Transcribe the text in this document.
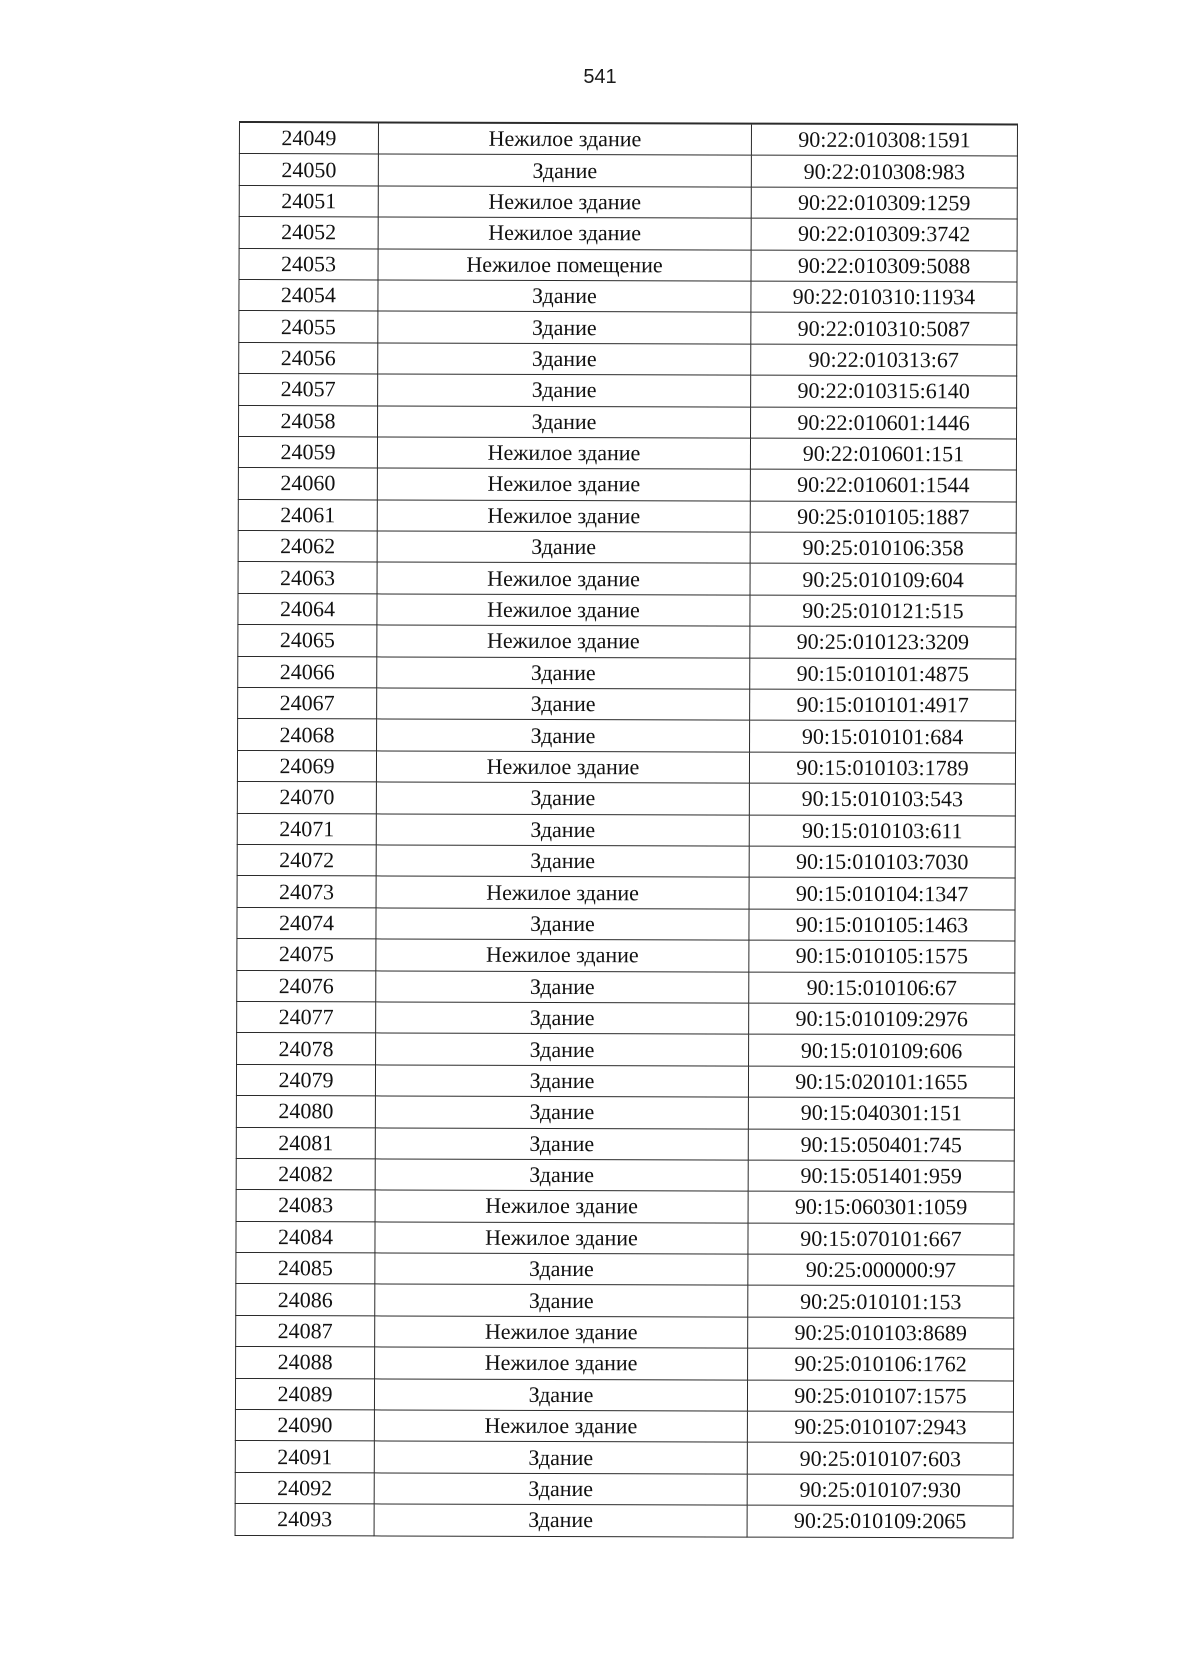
541
24049	Нежилое здание	90:22:010308:1591
24050	Здание	90:22:010308:983
24051	Нежилое здание	90:22:010309:1259
24052	Нежилое здание	90:22:010309:3742
24053	Нежилое помещение	90:22:010309:5088
24054	Здание	90:22:010310:11934
24055	Здание	90:22:010310:5087
24056	Здание	90:22:010313:67
24057	Здание	90:22:010315:6140
24058	Здание	90:22:010601:1446
24059	Нежилое здание	90:22:010601:151
24060	Нежилое здание	90:22:010601:1544
24061	Нежилое здание	90:25:010105:1887
24062	Здание	90:25:010106:358
24063	Нежилое здание	90:25:010109:604
24064	Нежилое здание	90:25:010121:515
24065	Нежилое здание	90:25:010123:3209
24066	Здание	90:15:010101:4875
24067	Здание	90:15:010101:4917
24068	Здание	90:15:010101:684
24069	Нежилое здание	90:15:010103:1789
24070	Здание	90:15:010103:543
24071	Здание	90:15:010103:611
24072	Здание	90:15:010103:7030
24073	Нежилое здание	90:15:010104:1347
24074	Здание	90:15:010105:1463
24075	Нежилое здание	90:15:010105:1575
24076	Здание	90:15:010106:67
24077	Здание	90:15:010109:2976
24078	Здание	90:15:010109:606
24079	Здание	90:15:020101:1655
24080	Здание	90:15:040301:151
24081	Здание	90:15:050401:745
24082	Здание	90:15:051401:959
24083	Нежилое здание	90:15:060301:1059
24084	Нежилое здание	90:15:070101:667
24085	Здание	90:25:000000:97
24086	Здание	90:25:010101:153
24087	Нежилое здание	90:25:010103:8689
24088	Нежилое здание	90:25:010106:1762
24089	Здание	90:25:010107:1575
24090	Нежилое здание	90:25:010107:2943
24091	Здание	90:25:010107:603
24092	Здание	90:25:010107:930
24093	Здание	90:25:010109:2065
